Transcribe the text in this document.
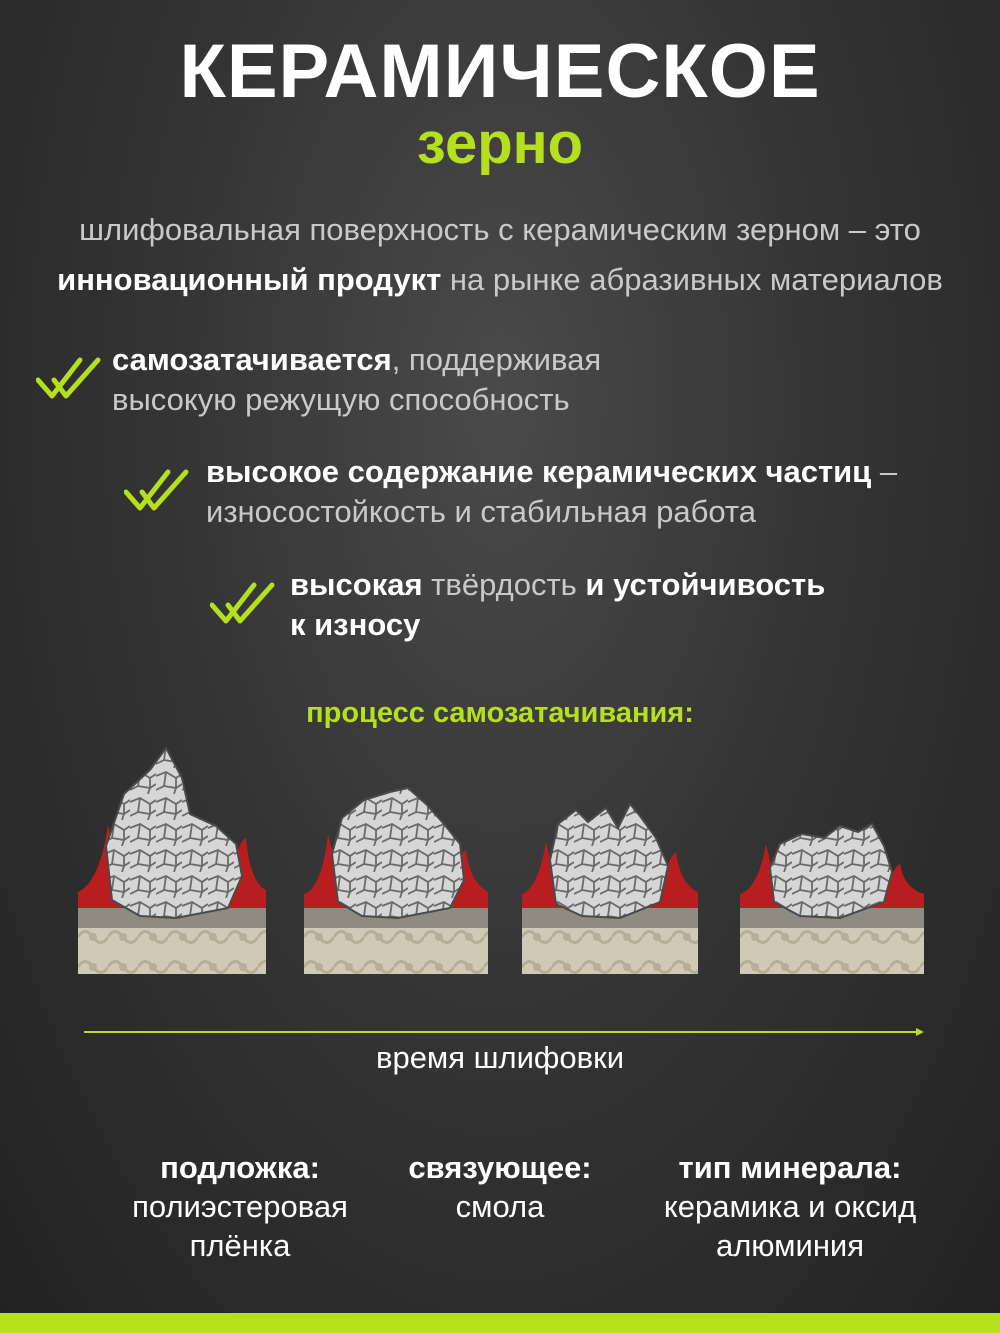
КЕРАМИЧЕСКОЕ
зерно
шлифовальная поверхность с керамическим зерном – это
инновационный продукт на рынке абразивных материалов
самозатачивается, поддерживая
высокую режущую способность
высокое содержание керамических частиц –
износостойкость и стабильная работа
высокая твёрдость и устойчивость
к износу
процесс самозатачивания:
время шлифовки
подложка:
полиэстеровая
плёнка
связующее:
смола
тип минерала:
керамика и оксид
алюминия
